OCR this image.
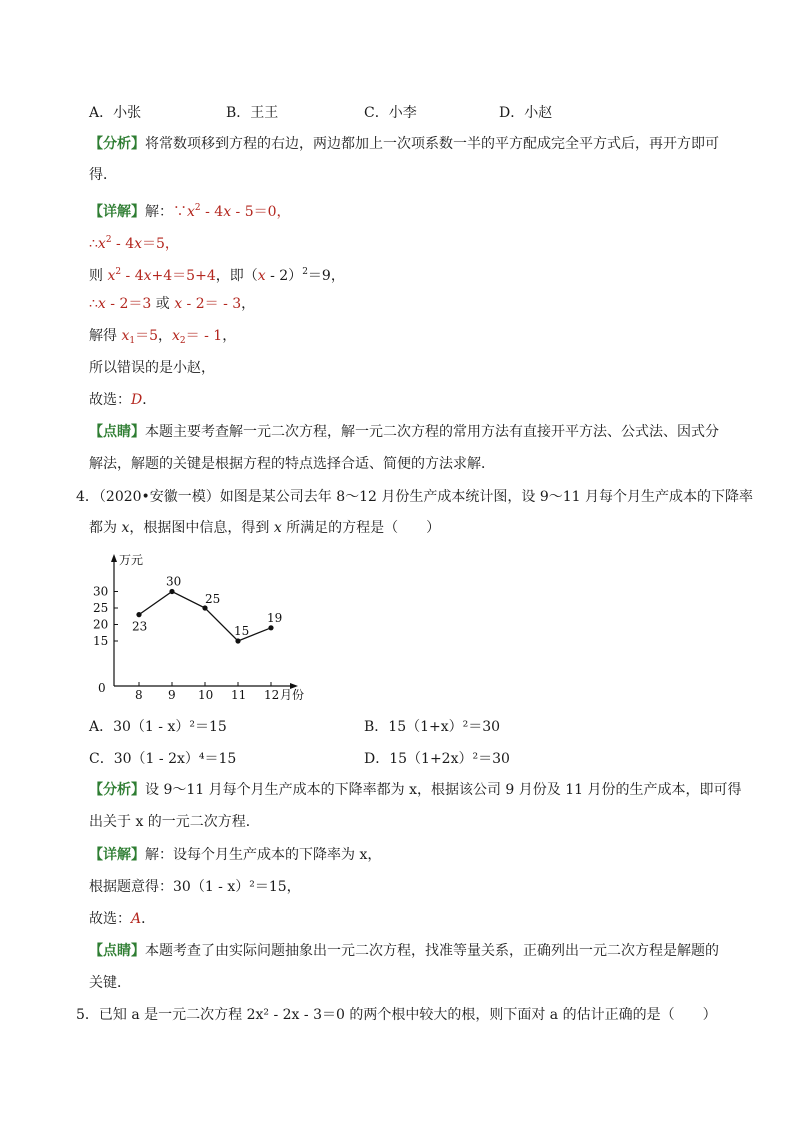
A．小张	B．王王	C．小李	D．小赵
【分析】将常数项移到方程的右边，两边都加上一次项系数一半的平方配成完全平方式后，再开方即可
得．
【详解】解：$\because x^2 - 4x - 5=0$，
$\therefore x^2 - 4x=5$，
则 $x^2 - 4x+4=5+4$，即（x - 2）$^2$＝9，
∴x - 2＝3 或 x - 2＝ - 3，
解得 $x_1=5$，$x_2= - 1$，
所以错误的是小赵，
故选：D．
【点睛】本题主要考查解一元二次方程，解一元二次方程的常用方法有直接开平方法、公式法、因式分
解法，解题的关键是根据方程的特点选择合适、简便的方法求解．
4．（2020•安徽一模）如图是某公司去年 8～12 月份生产成本统计图，设 9～11 月每个月生产成本的下降率
都为 x，根据图中信息，得到 x 所满足的方程是（　　）
万元
月份
0
15
20
25
30
8 9 10 11 12
23
30
25
15
19
A．30（1 - x）²＝15	B．15（1+x）²＝30
C．30（1 - 2x）⁴＝15	D．15（1+2x）²＝30
【分析】设 9～11 月每个月生产成本的下降率都为 x，根据该公司 9 月份及 11 月份的生产成本，即可得
出关于 x 的一元二次方程．
【详解】解：设每个月生产成本的下降率为 x，
根据题意得：30（1 - x）²＝15，
故选：A．
【点睛】本题考查了由实际问题抽象出一元二次方程，找准等量关系，正确列出一元二次方程是解题的
关键．
5．已知 a 是一元二次方程 2x² - 2x - 3＝0 的两个根中较大的根，则下面对 a 的估计正确的是（　　）
